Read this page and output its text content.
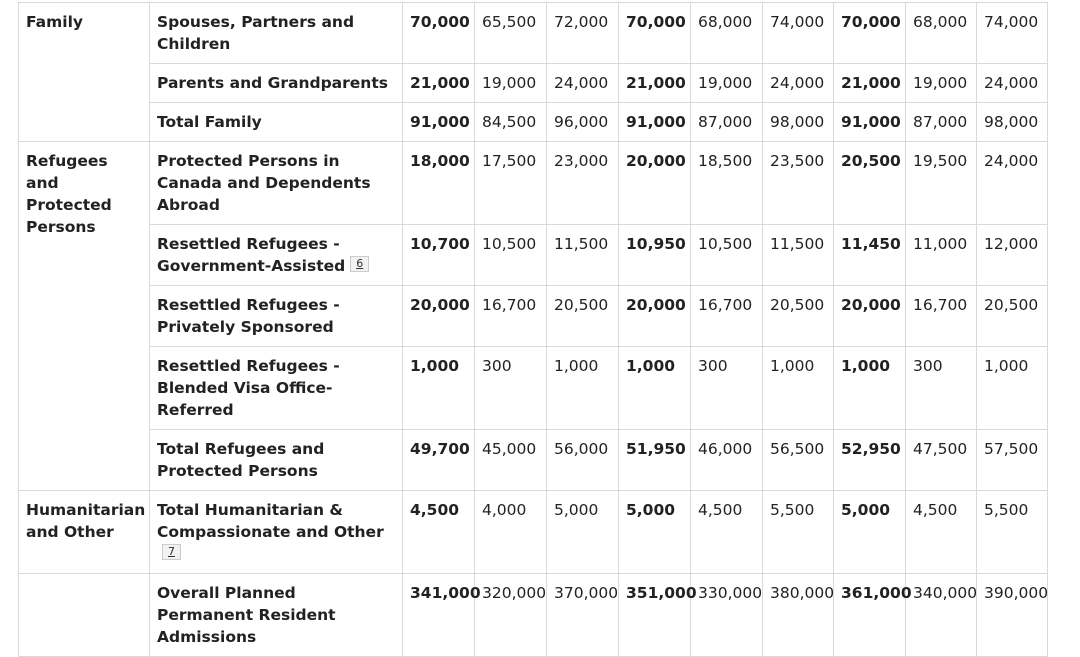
Family	Spouses, Partners and Children	70,000	65,500	72,000	70,000	68,000	74,000	70,000	68,000	74,000
	Parents and Grandparents	21,000	19,000	24,000	21,000	19,000	24,000	21,000	19,000	24,000
	Total Family	91,000	84,500	96,000	91,000	87,000	98,000	91,000	87,000	98,000
Refugees and Protected Persons	Protected Persons in Canada and Dependents Abroad	18,000	17,500	23,000	20,000	18,500	23,500	20,500	19,500	24,000
	Resettled Refugees - Government-Assisted 6	10,700	10,500	11,500	10,950	10,500	11,500	11,450	11,000	12,000
	Resettled Refugees - Privately Sponsored	20,000	16,700	20,500	20,000	16,700	20,500	20,000	16,700	20,500
	Resettled Refugees - Blended Visa Office-Referred	1,000	300	1,000	1,000	300	1,000	1,000	300	1,000
	Total Refugees and Protected Persons	49,700	45,000	56,000	51,950	46,000	56,500	52,950	47,500	57,500
Humanitarian and Other	Total Humanitarian & Compassionate and Other7	4,500	4,000	5,000	5,000	4,500	5,500	5,000	4,500	5,500
	Overall Planned Permanent Resident Admissions	341,000	320,000	370,000	351,000	330,000	380,000	361,000	340,000	390,000
